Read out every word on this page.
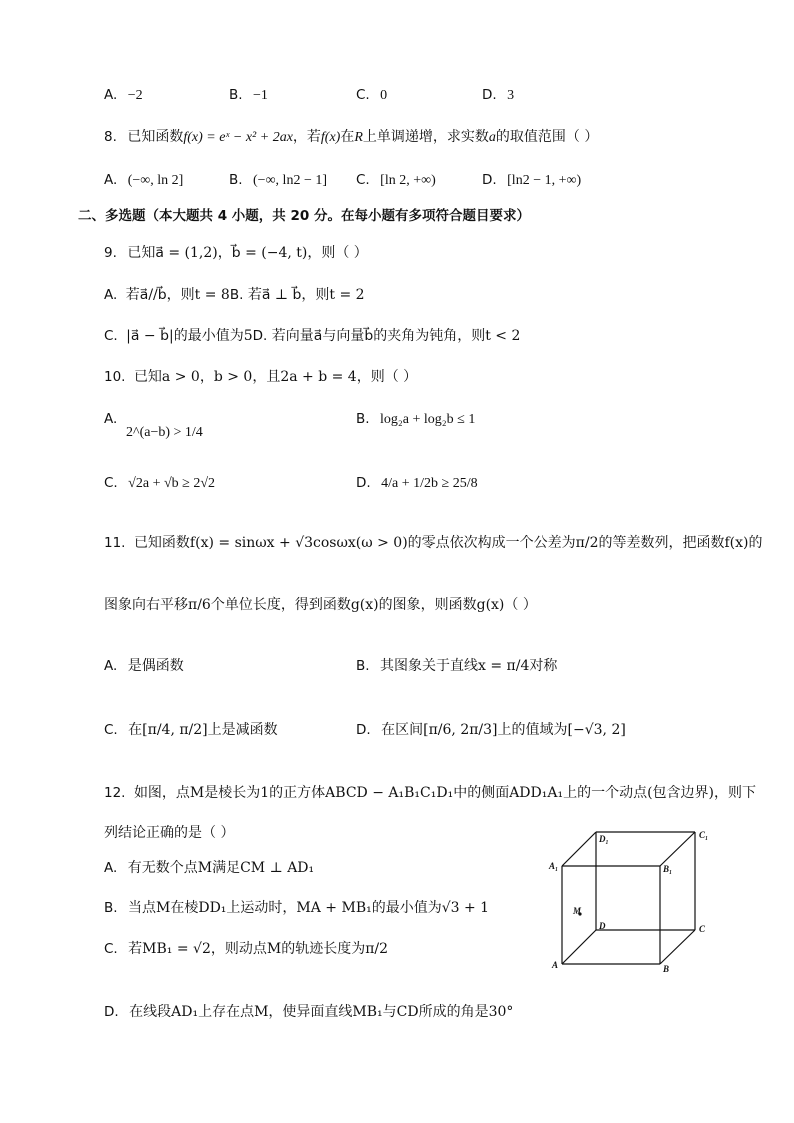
A. −2	B. −1	C. 0	D. 3
8. 已知函数f(x) = eˣ − x² + 2ax，若f(x)在R上单调递增，求实数a的取值范围（ ）
A. (−∞, ln 2]	B. (−∞, ln2 − 1] C. [ln 2, +∞)	D. [ln2 − 1, +∞)
二、多选题（本大题共 4 小题，共 20 分。在每小题有多项符合题目要求）
9. 已知a⃗ = (1,2)，b⃗ = (−4, t)，则（ ）
A. 若a⃗//b⃗，则t = 8B. 若a⃗ ⊥ b⃗，则t = 2
C. |a⃗ − b⃗|的最小值为5D. 若向量a⃗与向量b⃗的夹角为钝角，则t < 2
10. 已知a > 0，b > 0，且2a + b = 4，则（ ）
A.
2^(a−b) > 1/4
B. log₂a + log₂b ≤ 1
C. √2a + √b ≥ 2√2	D. 4/a + 1/2b ≥ 25/8
11. 已知函数f(x) = sinωx + √3cosωx(ω > 0)的零点依次构成一个公差为π/2的等差数列，把函数f(x)的
图象向右平移π/6个单位长度，得到函数g(x)的图象，则函数g(x)（ ）
A. 是偶函数	B. 其图象关于直线x = π/4对称
C. 在[π/4, π/2]上是减函数	D. 在区间[π/6, 2π/3]上的值域为[−√3, 2]
12. 如图，点M是棱长为1的正方体ABCD − A₁B₁C₁D₁中的侧面ADD₁A₁上的一个动点(包含边界)，则下
列结论正确的是（ ）
A. 有无数个点M满足CM ⊥ AD₁
B. 当点M在棱DD₁上运动时，MA + MB₁的最小值为√3 + 1
C. 若MB₁ = √2，则动点M的轨迹长度为π/2
D. 在线段AD₁上存在点M，使异面直线MB₁与CD所成的角是30°
A	B
C
D
A₁	B₁
C₁
D₁
M
